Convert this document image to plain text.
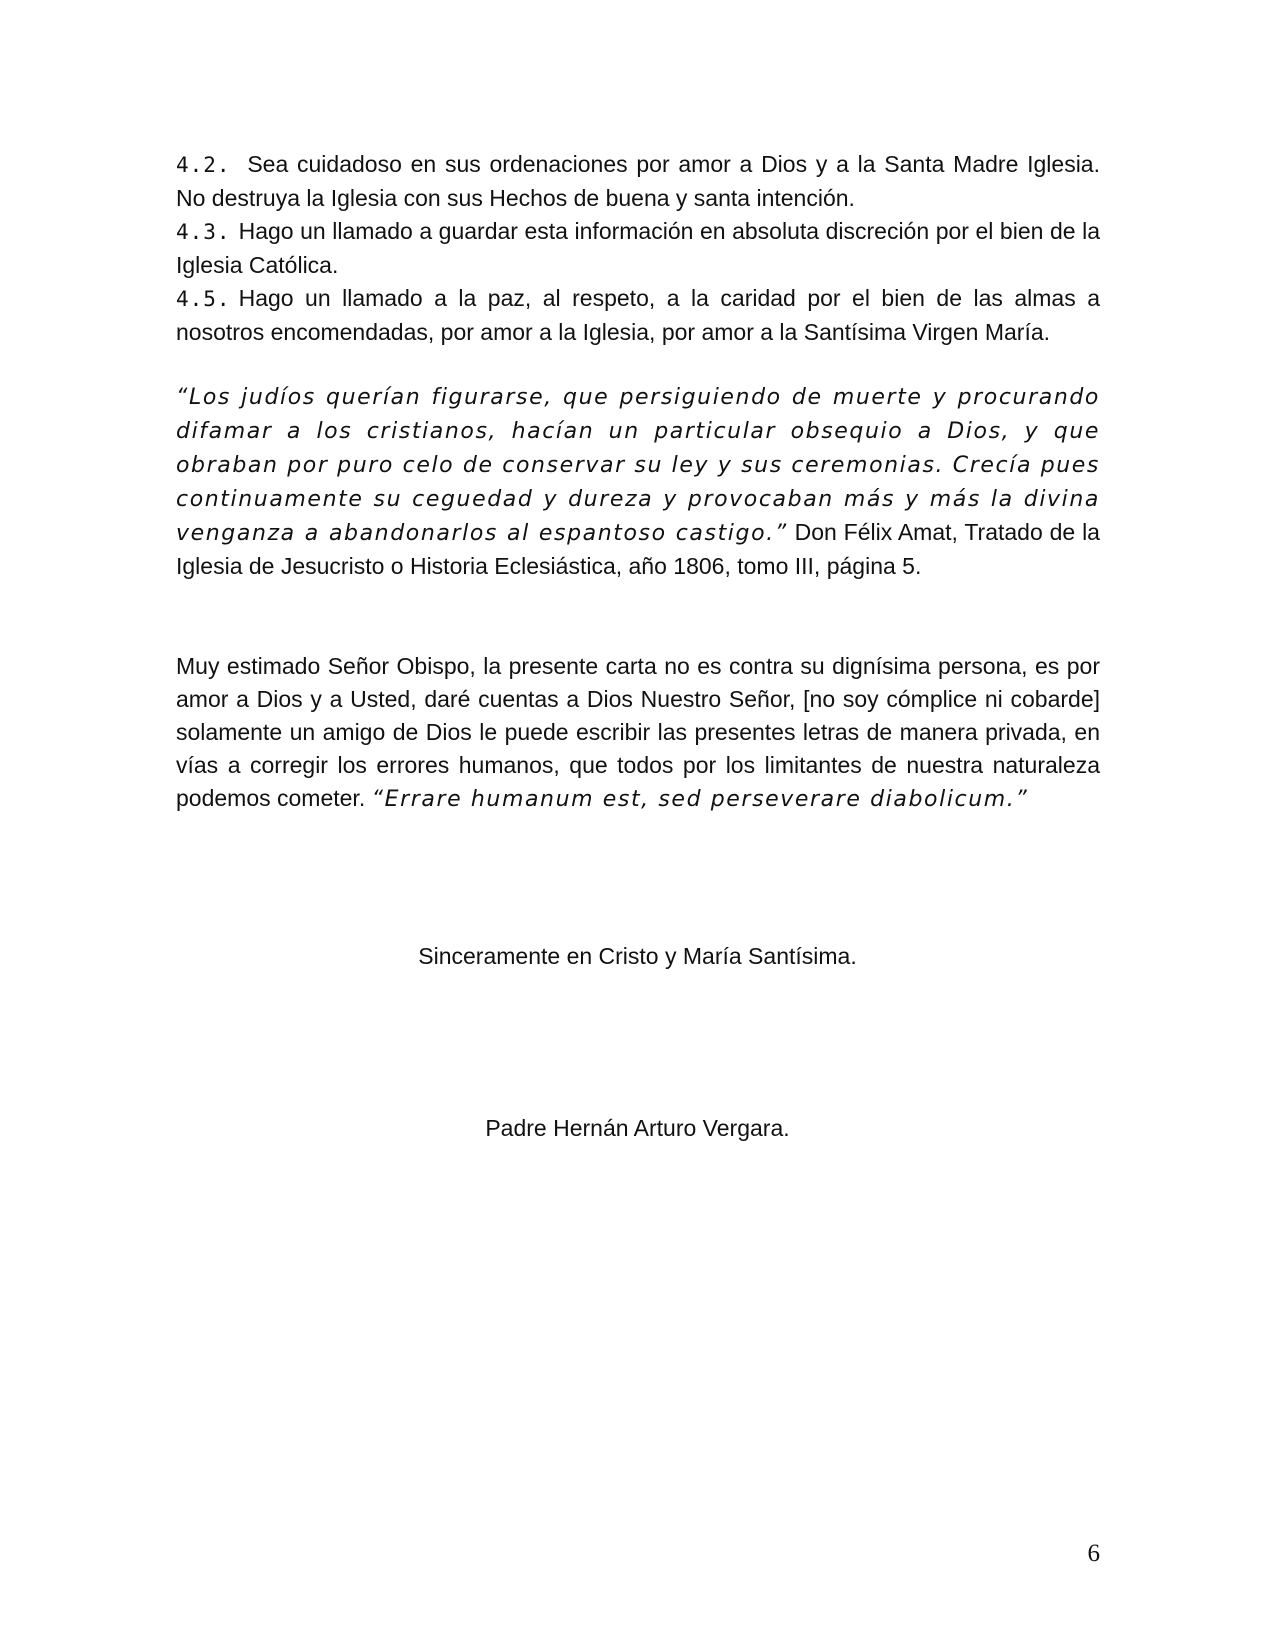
4.2. Sea cuidadoso en sus ordenaciones por amor a Dios y a la Santa Madre Iglesia. No destruya la Iglesia con sus Hechos de buena y santa intención.

4.3. Hago un llamado a guardar esta información en absoluta discreción por el bien de la Iglesia Católica.

4.5. Hago un llamado a la paz, al respeto, a la caridad por el bien de las almas a nosotros encomendadas, por amor a la Iglesia, por amor a la Santísima Virgen María.

“Los judíos querían figurarse, que persiguiendo de muerte y procurando difamar a los cristianos, hacían un particular obsequio a Dios, y que obraban por puro celo de conservar su ley y sus ceremonias. Crecía pues continuamente su ceguedad y dureza y provocaban más y más la divina venganza a abandonarlos al espantoso castigo.” Don Félix Amat, Tratado de la Iglesia de Jesucristo o Historia Eclesiástica, año 1806, tomo III, página 5.

Muy estimado Señor Obispo, la presente carta no es contra su dignísima persona, es por amor a Dios y a Usted, daré cuentas a Dios Nuestro Señor, [no soy cómplice ni cobarde] solamente un amigo de Dios le puede escribir las presentes letras de manera privada, en vías a corregir los errores humanos, que todos por los limitantes de nuestra naturaleza podemos cometer. “Errare humanum est, sed perseverare diabolicum.”

Sinceramente en Cristo y María Santísima.
Padre Hernán Arturo Vergara.
6
